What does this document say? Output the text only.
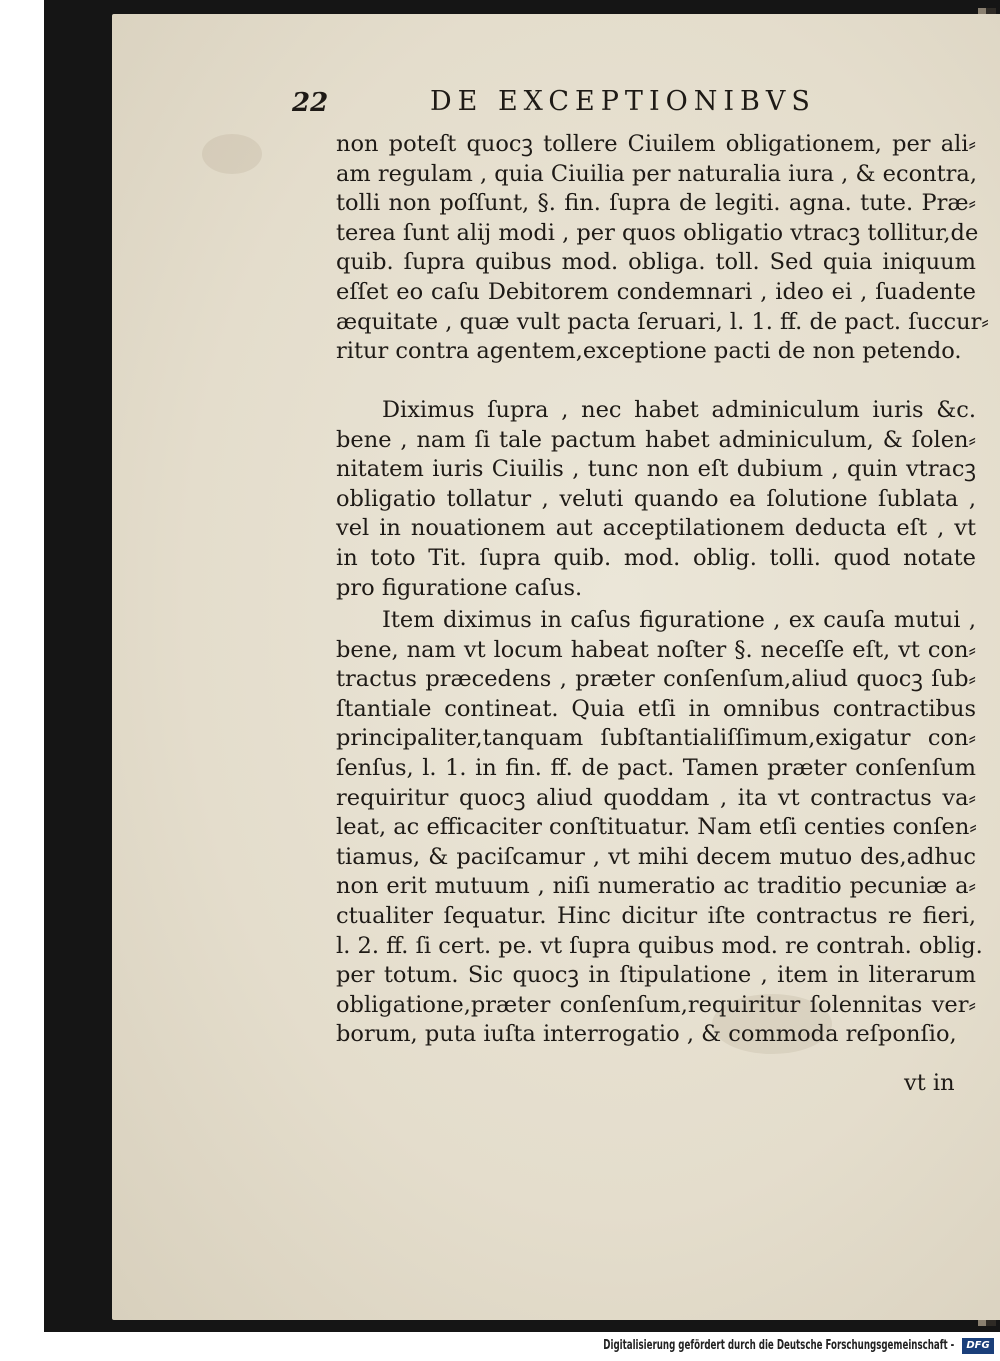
22	DE EXCEPTIONIBVS
non poteſt quocꝫ tollere Ciuilem obligationem, per ali⸗
am regulam , quia Ciuilia per naturalia iura , & econtra,
tolli non poſſunt, §. fin. ſupra de legiti. agna. tute. Præ⸗
terea ſunt alij modi , per quos obligatio vtracꝫ tollitur,de
quib. ſupra quibus mod. obliga. toll. Sed quia iniquum
eſſet eo caſu Debitorem condemnari , ideo ei , ſuadente
æquitate , quæ vult pacta ſeruari, l. 1. ff. de pact. ſuccur⸗
ritur contra agentem,exceptione pacti de non petendo.
Diximus ſupra , nec habet adminiculum iuris &c.
bene , nam ſi tale pactum habet adminiculum, & ſolen⸗
nitatem iuris Ciuilis , tunc non eſt dubium , quin vtracꝫ
obligatio tollatur , veluti quando ea ſolutione ſublata ,
vel in nouationem aut acceptilationem deducta eſt , vt
in toto Tit. ſupra quib. mod. oblig. tolli. quod notate
pro figuratione caſus.
Item diximus in caſus figuratione , ex cauſa mutui ,
bene, nam vt locum habeat noſter §. neceſſe eſt, vt con⸗
tractus præcedens , præter conſenſum,aliud quocꝫ ſub⸗
ſtantiale contineat. Quia etſi in omnibus contractibus
principaliter,tanquam ſubſtantialiſſimum,exigatur con⸗
ſenſus, l. 1. in fin. ff. de pact. Tamen præter conſenſum
requiritur quocꝫ aliud quoddam , ita vt contractus va⸗
leat, ac efficaciter conſtituatur. Nam etſi centies conſen⸗
tiamus, & paciſcamur , vt mihi decem mutuo des,adhuc
non erit mutuum , niſi numeratio ac traditio pecuniæ a⸗
ctualiter ſequatur. Hinc dicitur iſte contractus re fieri,
l. 2. ff. ſi cert. pe. vt ſupra quibus mod. re contrah. oblig.
per totum. Sic quocꝫ in ſtipulatione , item in literarum
obligatione,præter conſenſum,requiritur ſolennitas ver⸗
borum, puta iuſta interrogatio , & commoda reſponſio,
vt in
Digitalisierung gefördert durch die Deutsche Forschungsgemeinschaft -	DFG
